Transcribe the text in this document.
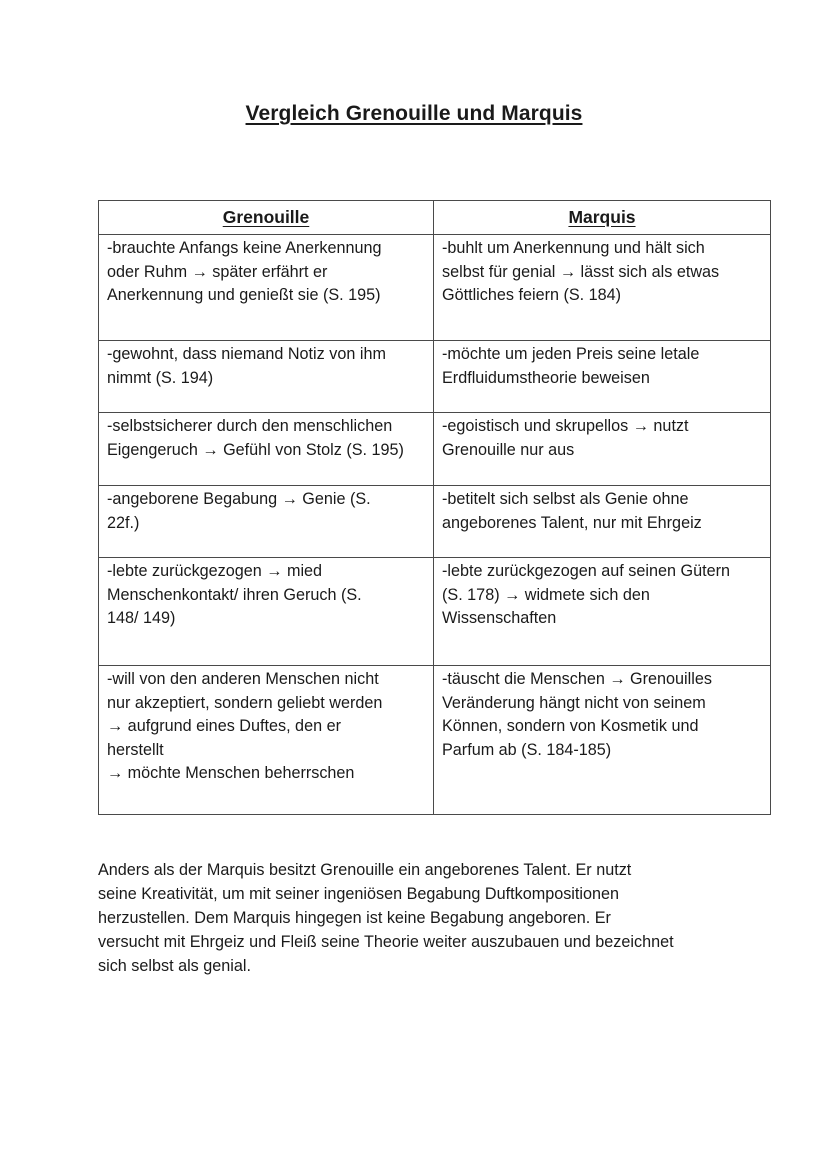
Vergleich Grenouille und Marquis
Grenouille	Marquis

-brauchte Anfangs keine Anerkennung
oder Ruhm → später erfährt er
Anerkennung und genießt sie (S. 195)	-buhlt um Anerkennung und hält sich
selbst für genial → lässt sich als etwas
Göttliches feiern (S. 184)

-gewohnt, dass niemand Notiz von ihm
nimmt (S. 194)	-möchte um jeden Preis seine letale
Erdfluidumstheorie beweisen

-selbstsicherer durch den menschlichen
Eigengeruch → Gefühl von Stolz (S. 195)	-egoistisch und skrupellos → nutzt
Grenouille nur aus

-angeborene Begabung → Genie (S.
22f.)	-betitelt sich selbst als Genie ohne
angeborenes Talent, nur mit Ehrgeiz

-lebte zurückgezogen → mied
Menschenkontakt/ ihren Geruch (S.
148/ 149)	-lebte zurückgezogen auf seinen Gütern
(S. 178) → widmete sich den
Wissenschaften

-will von den anderen Menschen nicht
nur akzeptiert, sondern geliebt werden
→ aufgrund eines Duftes, den er
herstellt
→ möchte Menschen beherrschen	-täuscht die Menschen → Grenouilles
Veränderung hängt nicht von seinem
Können, sondern von Kosmetik und
Parfum ab (S. 184-185)
Anders als der Marquis besitzt Grenouille ein angeborenes Talent. Er nutzt
seine Kreativität, um mit seiner ingeniösen Begabung Duftkompositionen
herzustellen. Dem Marquis hingegen ist keine Begabung angeboren. Er
versucht mit Ehrgeiz und Fleiß seine Theorie weiter auszubauen und bezeichnet
sich selbst als genial.
